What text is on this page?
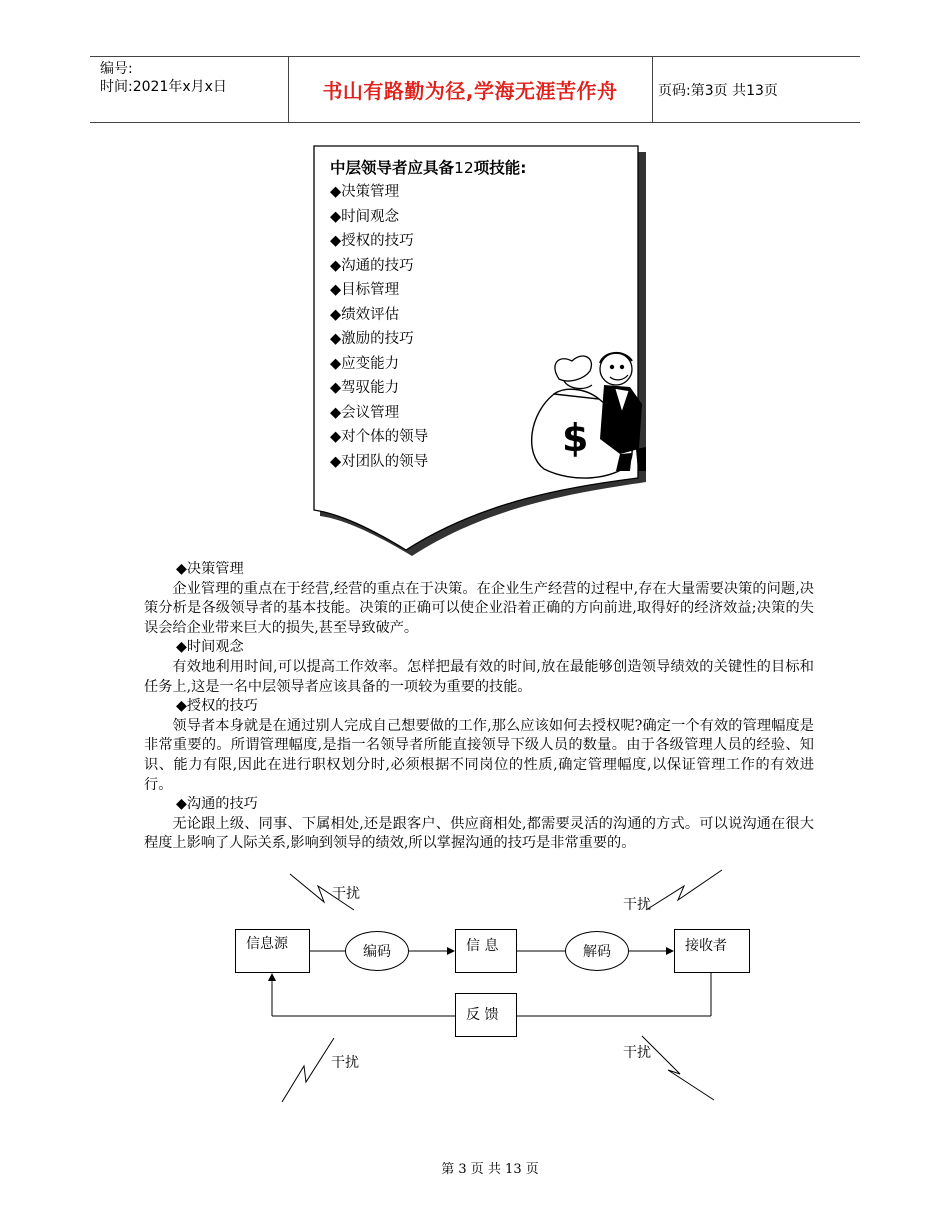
编号:
时间:2021年x月x日	书山有路勤为径,学海无涯苦作舟	页码:第3页 共13页
$
中层领导者应具备12项技能:
◆决策管理
◆时间观念
◆授权的技巧
◆沟通的技巧
◆目标管理
◆绩效评估
◆激励的技巧
◆应变能力
◆驾驭能力
◆会议管理
◆对个体的领导
◆对团队的领导
◆决策管理

企业管理的重点在于经营,经营的重点在于决策。在企业生产经营的过程中,存在大量需要决策的问题,决策分析是各级领导者的基本技能。决策的正确可以使企业沿着正确的方向前进,取得好的经济效益;决策的失误会给企业带来巨大的损失,甚至导致破产。

◆时间观念

有效地利用时间,可以提高工作效率。怎样把最有效的时间,放在最能够创造领导绩效的关键性的目标和任务上,这是一名中层领导者应该具备的一项较为重要的技能。

◆授权的技巧

领导者本身就是在通过别人完成自己想要做的工作,那么应该如何去授权呢?确定一个有效的管理幅度是非常重要的。所谓管理幅度,是指一名领导者所能直接领导下级人员的数量。由于各级管理人员的经验、知识、能力有限,因此在进行职权划分时,必须根据不同岗位的性质,确定管理幅度,以保证管理工作的有效进行。

◆沟通的技巧

无论跟上级、同事、下属相处,还是跟客户、供应商相处,都需要灵活的沟通的方式。可以说沟通在很大程度上影响了人际关系,影响到领导的绩效,所以掌握沟通的技巧是非常重要的。

信息源	编码	信 息	解码	接收者
反 馈
干扰
干扰
干扰
干扰
第 3 页 共 13 页
